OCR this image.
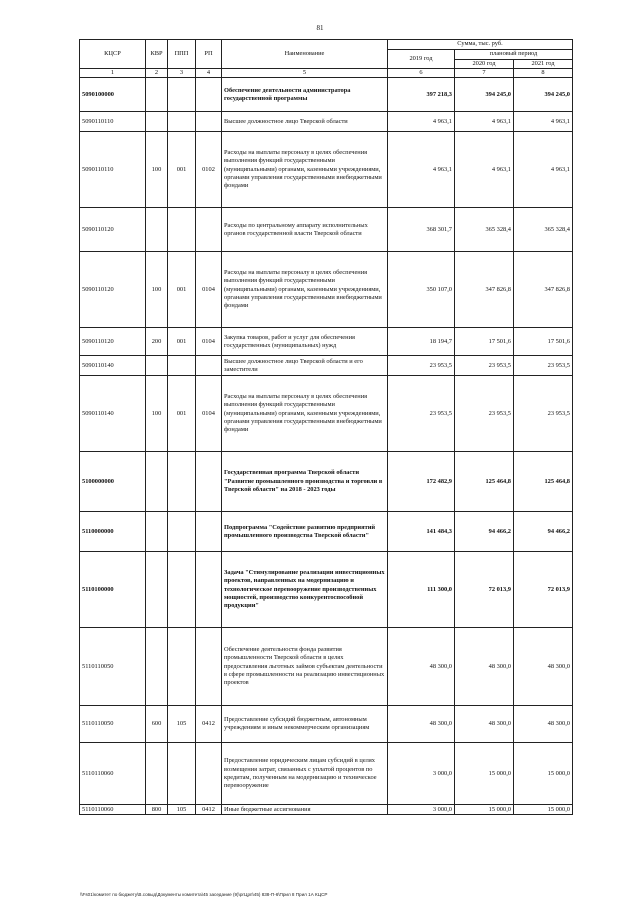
81
КЦСР	КВР	ППП	РП	Наименование	Сумма, тыс. руб.		
					2019 год	плановый период	
						2020 год	2021 год
1	2	3	4	5	6	7	8
5090100000				Обеспечение деятельности администратора государственной программы	397 218,3	394 245,0	394 245,0
5090110110				Высшее должностное лицо Тверской области	4 963,1	4 963,1	4 963,1
5090110110	100	001	0102	Расходы на выплаты персоналу в целях обеспечения выполнения функций государственными (муниципальными) органами, казенными учреждениями, органами управления государственными внебюджетными фондами	4 963,1	4 963,1	4 963,1
5090110120				Расходы по центральному аппарату исполнительных органов государственной власти Тверской области	368 301,7	365 328,4	365 328,4
5090110120	100	001	0104	Расходы на выплаты персоналу в целях обеспечения выполнения функций государственными (муниципальными) органами, казенными учреждениями, органами управления государственными внебюджетными фондами	350 107,0	347 826,8	347 826,8
5090110120	200	001	0104	Закупка товаров, работ и услуг для обеспечения государственных (муниципальных) нужд	18 194,7	17 501,6	17 501,6
5090110140				Высшее должностное лицо Тверской области и его заместители	23 953,5	23 953,5	23 953,5
5090110140	100	001	0104	Расходы на выплаты персоналу в целях обеспечения выполнения функций государственными (муниципальными) органами, казенными учреждениями, органами управления государственными внебюджетными фондами	23 953,5	23 953,5	23 953,5
5100000000				Государственная программа Тверской области "Развитие промышленного производства и торговли в Тверской области" на 2018 - 2023 годы	172 482,9	125 464,8	125 464,8
5110000000				Подпрограмма "Содействие развитию предприятий промышленного производства Тверской области"	141 484,3	94 466,2	94 466,2
5110100000				Задача "Стимулирование реализации инвестиционных проектов, направленных на модернизацию и технологическое перевооружение производственных мощностей, производство конкурентоспособной продукции"	111 300,0	72 013,9	72 013,9
5110110050				Обеспечение деятельности фонда развития промышленности Тверской области в целях предоставления льготных займов субъектам деятельности в сфере промышленности на реализацию инвестиционных проектов	48 300,0	48 300,0	48 300,0
5110110050	600	105	0412	Предоставление субсидий бюджетным, автономным учреждениям и иным некоммерческим организациям	48 300,0	48 300,0	48 300,0
5110110060				Предоставление юридическим лицам субсидий в целях возмещения затрат, связанных с уплатой процентов по кредитам, полученным на модернизацию и техническое перевооружение	3 000,0	15 000,0	15 000,0
5110110060	800	105	0412	Иные бюджетные ассигнования	3 000,0	15 000,0	15 000,0
\\Fs01\комитет по бюджету\В.совыд\Документы комитета\45 заседание (9)\ргЦрп\45) 838-П-6\Прил 8 Прил 1А КЦСР
